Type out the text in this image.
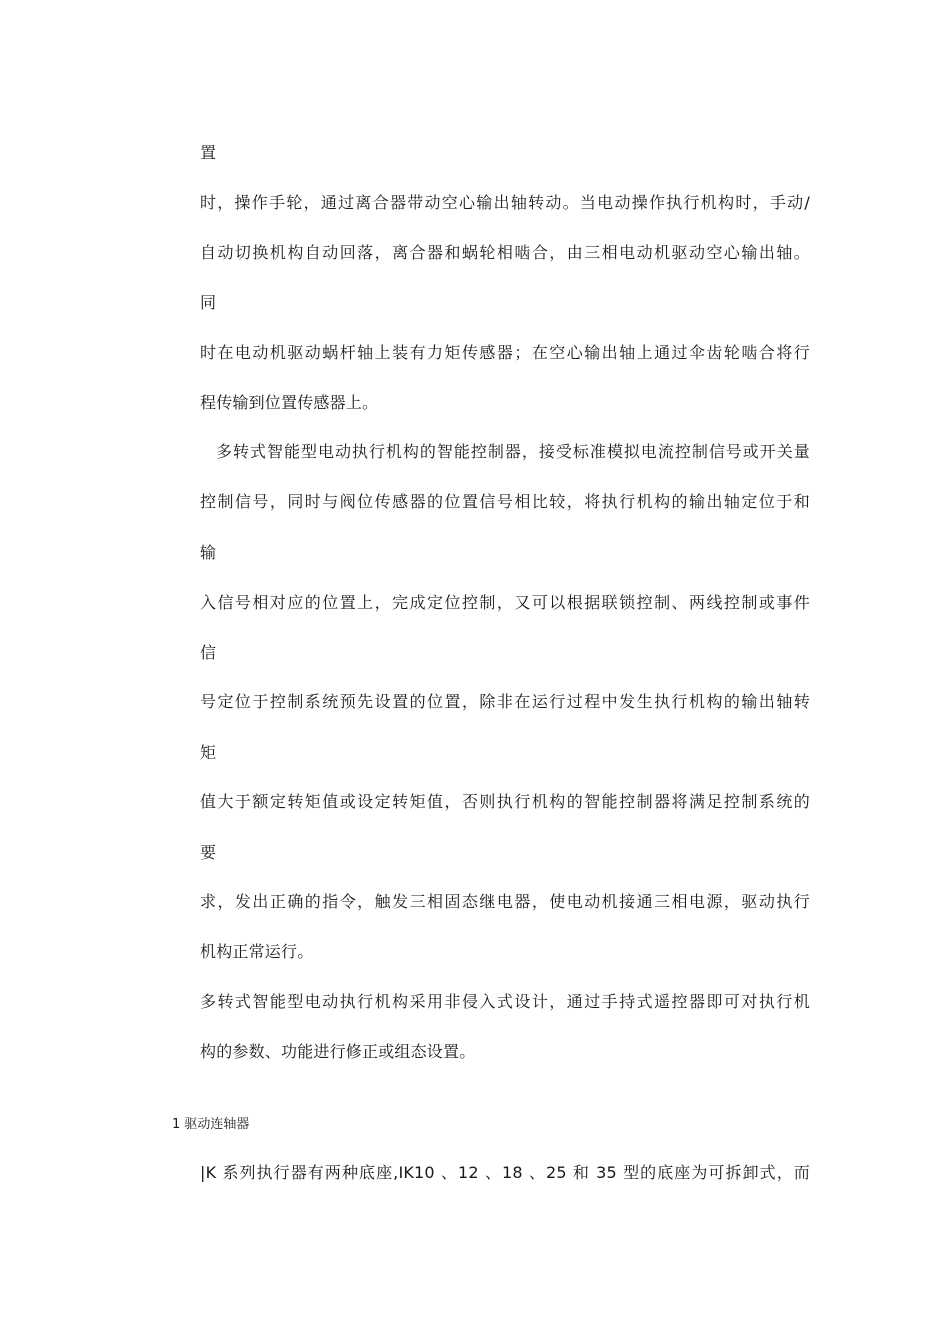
置
时，操作手轮，通过离合器带动空心输出轴转动。当电动操作执行机构时，手动/
自动切换机构自动回落，离合器和蜗轮相啮合，由三相电动机驱动空心输出轴。
同
时在电动机驱动蜗杆轴上装有力矩传感器；在空心输出轴上通过伞齿轮啮合将行
程传输到位置传感器上。
多转式智能型电动执行机构的智能控制器，接受标准模拟电流控制信号或开关量
控制信号，同时与阀位传感器的位置信号相比较，将执行机构的输出轴定位于和
输
入信号相对应的位置上，完成定位控制，又可以根据联锁控制、两线控制或事件
信
号定位于控制系统预先设置的位置，除非在运行过程中发生执行机构的输出轴转
矩
值大于额定转矩值或设定转矩值，否则执行机构的智能控制器将满足控制系统的
要
求，发出正确的指令，触发三相固态继电器，使电动机接通三相电源，驱动执行
机构正常运行。
多转式智能型电动执行机构采用非侵入式设计，通过手持式遥控器即可对执行机
构的参数、功能进行修正或组态设置。
1 驱动连轴器
|K 系列执行器有两种底座,IK10 、12 、18 、25 和 35 型的底座为可拆卸式，而
